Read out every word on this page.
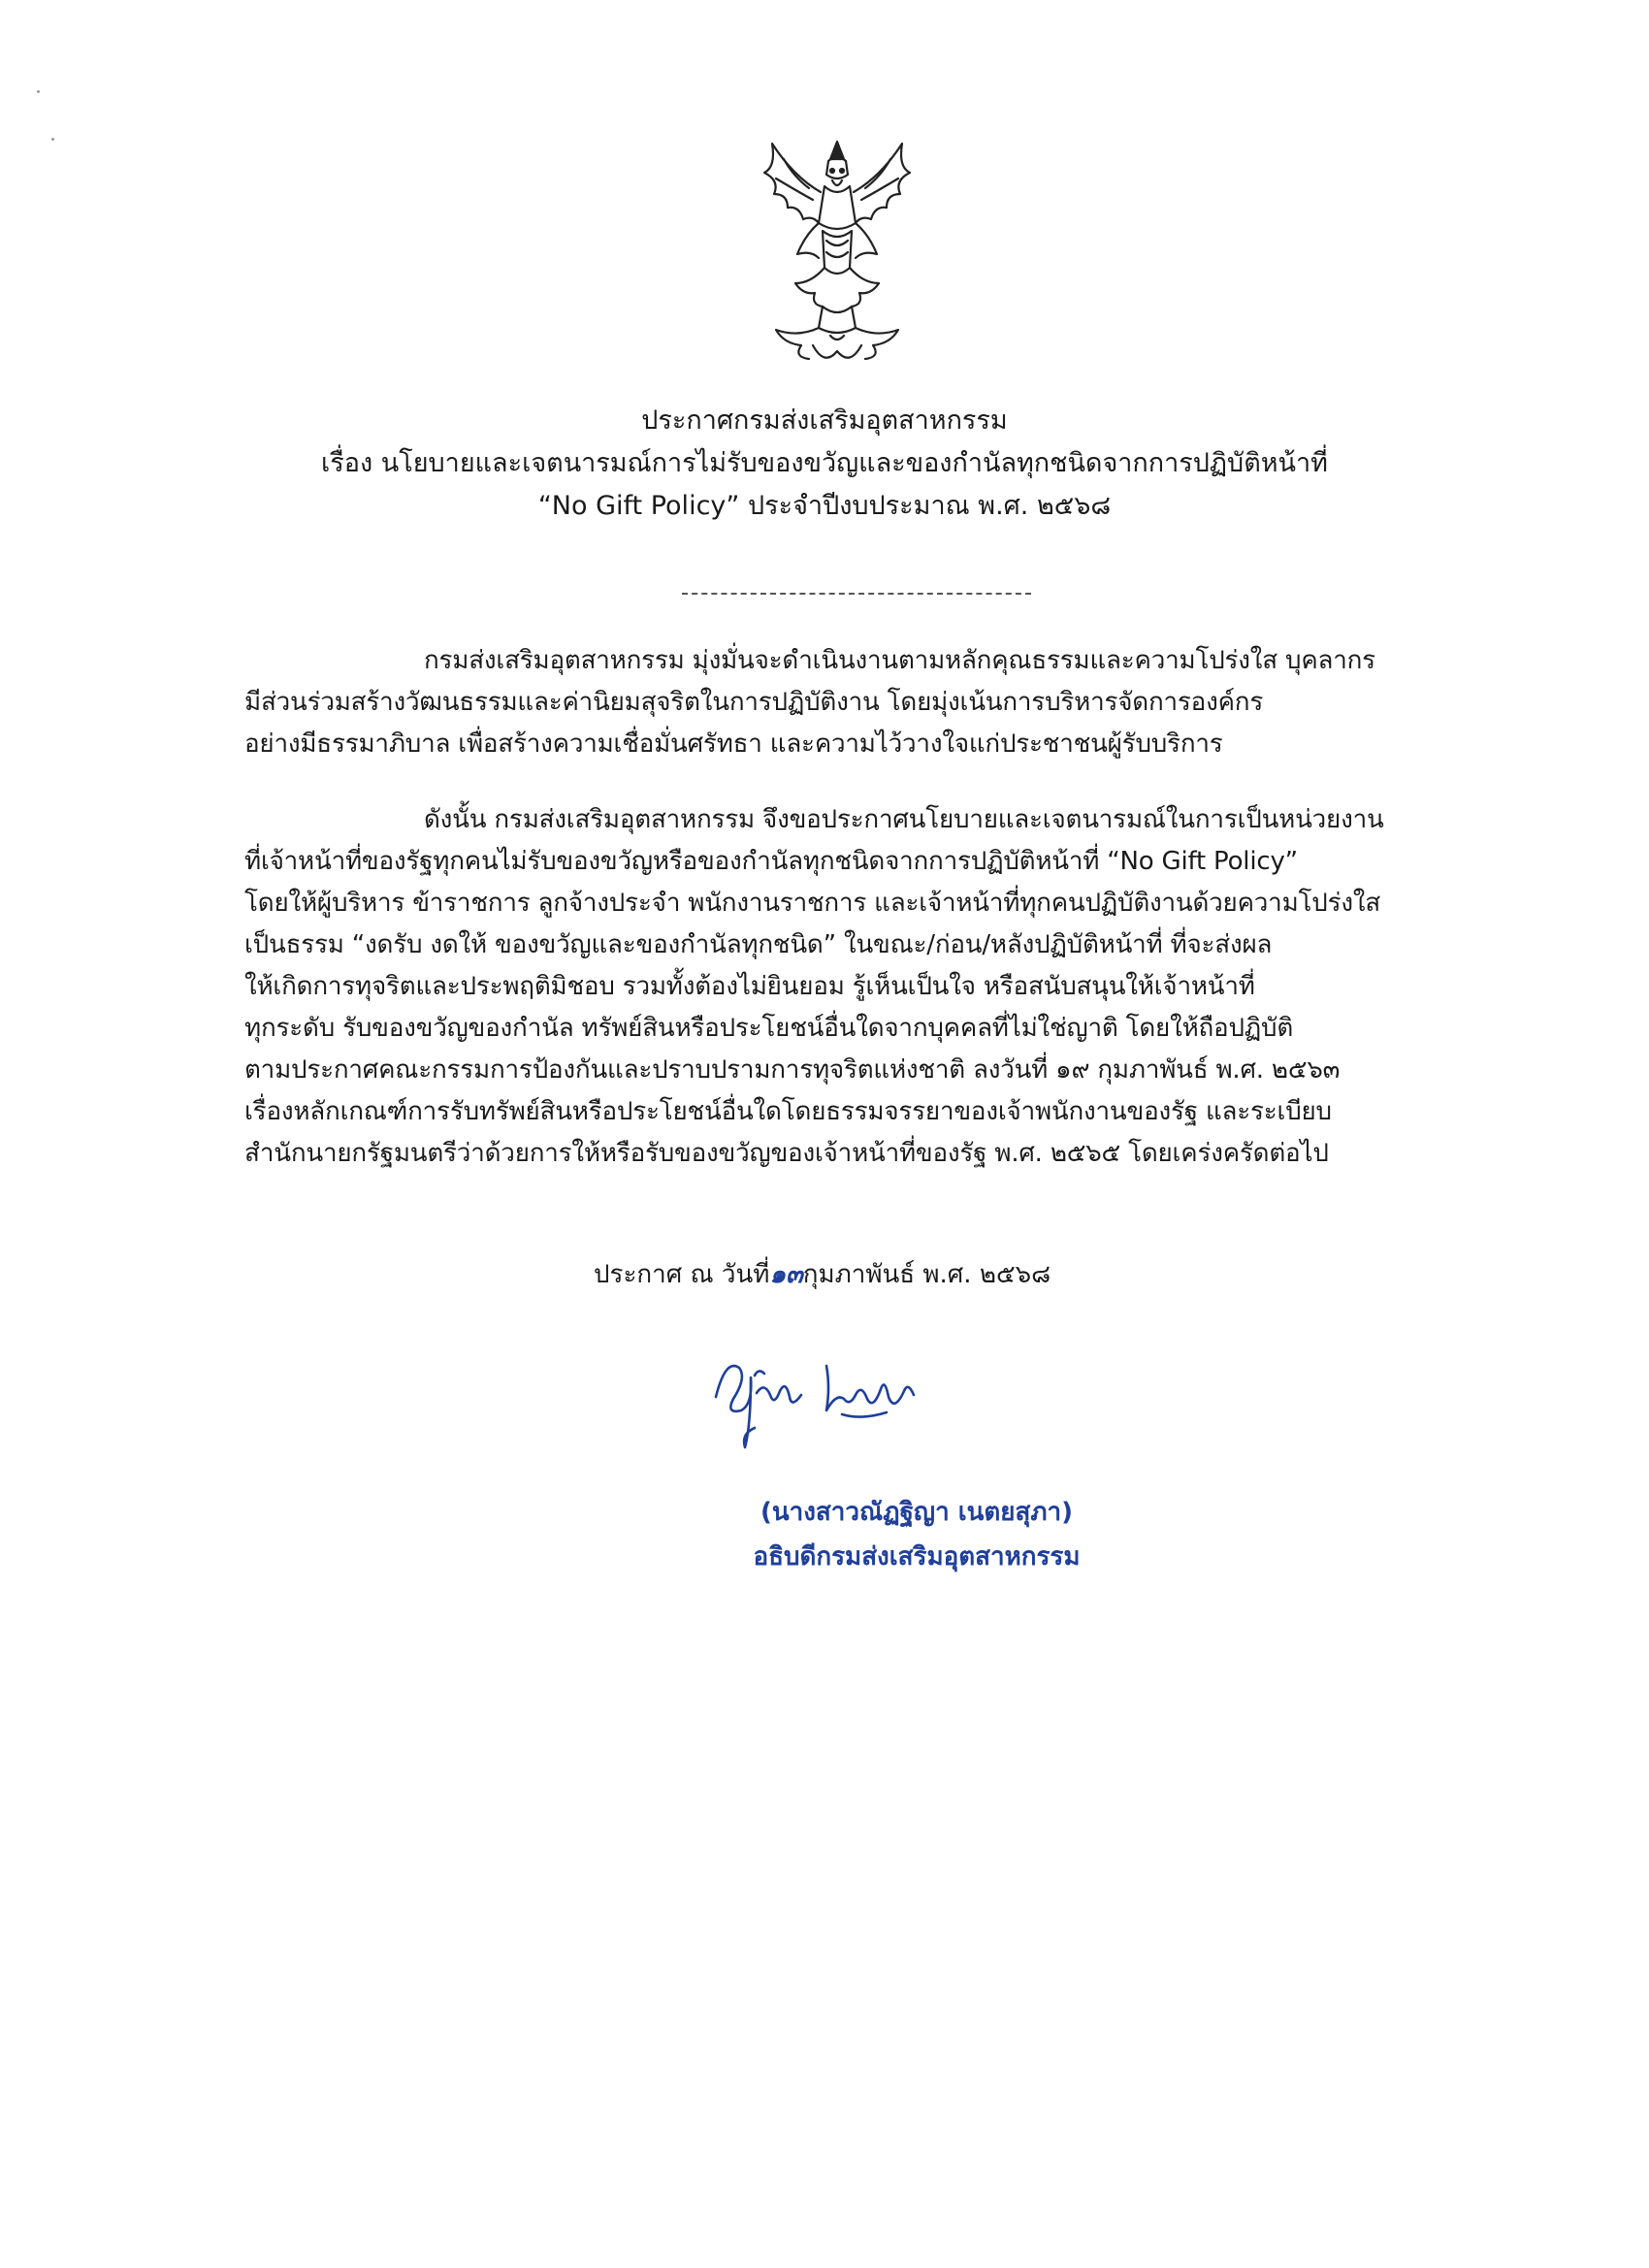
ประกาศกรมส่งเสริมอุตสาหกรรม
เรื่อง นโยบายและเจตนารมณ์การไม่รับของขวัญและของกำนัลทุกชนิดจากการปฏิบัติหน้าที่
“No Gift Policy” ประจำปีงบประมาณ พ.ศ. ๒๕๖๘
กรมส่งเสริมอุตสาหกรรม มุ่งมั่นจะดำเนินงานตามหลักคุณธรรมและความโปร่งใส บุคลากร
มีส่วนร่วมสร้างวัฒนธรรมและค่านิยมสุจริตในการปฏิบัติงาน โดยมุ่งเน้นการบริหารจัดการองค์กร
อย่างมีธรรมาภิบาล เพื่อสร้างความเชื่อมั่นศรัทธา และความไว้วางใจแก่ประชาชนผู้รับบริการ
ดังนั้น กรมส่งเสริมอุตสาหกรรม จึงขอประกาศนโยบายและเจตนารมณ์ในการเป็นหน่วยงาน
ที่เจ้าหน้าที่ของรัฐทุกคนไม่รับของขวัญหรือของกำนัลทุกชนิดจากการปฏิบัติหน้าที่ “No Gift Policy”
โดยให้ผู้บริหาร ข้าราชการ ลูกจ้างประจำ พนักงานราชการ และเจ้าหน้าที่ทุกคนปฏิบัติงานด้วยความโปร่งใส
เป็นธรรม “งดรับ งดให้ ของขวัญและของกำนัลทุกชนิด” ในขณะ/ก่อน/หลังปฏิบัติหน้าที่ ที่จะส่งผล
ให้เกิดการทุจริตและประพฤติมิชอบ รวมทั้งต้องไม่ยินยอม รู้เห็นเป็นใจ หรือสนับสนุนให้เจ้าหน้าที่
ทุกระดับ รับของขวัญของกำนัล ทรัพย์สินหรือประโยชน์อื่นใดจากบุคคลที่ไม่ใช่ญาติ โดยให้ถือปฏิบัติ
ตามประกาศคณะกรรมการป้องกันและปราบปรามการทุจริตแห่งชาติ ลงวันที่ ๑๙ กุมภาพันธ์ พ.ศ. ๒๕๖๓
เรื่องหลักเกณฑ์การรับทรัพย์สินหรือประโยชน์อื่นใดโดยธรรมจรรยาของเจ้าพนักงานของรัฐ และระเบียบ
สำนักนายกรัฐมนตรีว่าด้วยการให้หรือรับของขวัญของเจ้าหน้าที่ของรัฐ พ.ศ. ๒๕๖๕ โดยเคร่งครัดต่อไป
ประกาศ ณ วันที่๑๓กุมภาพันธ์ พ.ศ. ๒๕๖๘
(นางสาวณัฏฐิญา เนตยสุภา)
อธิบดีกรมส่งเสริมอุตสาหกรรม
